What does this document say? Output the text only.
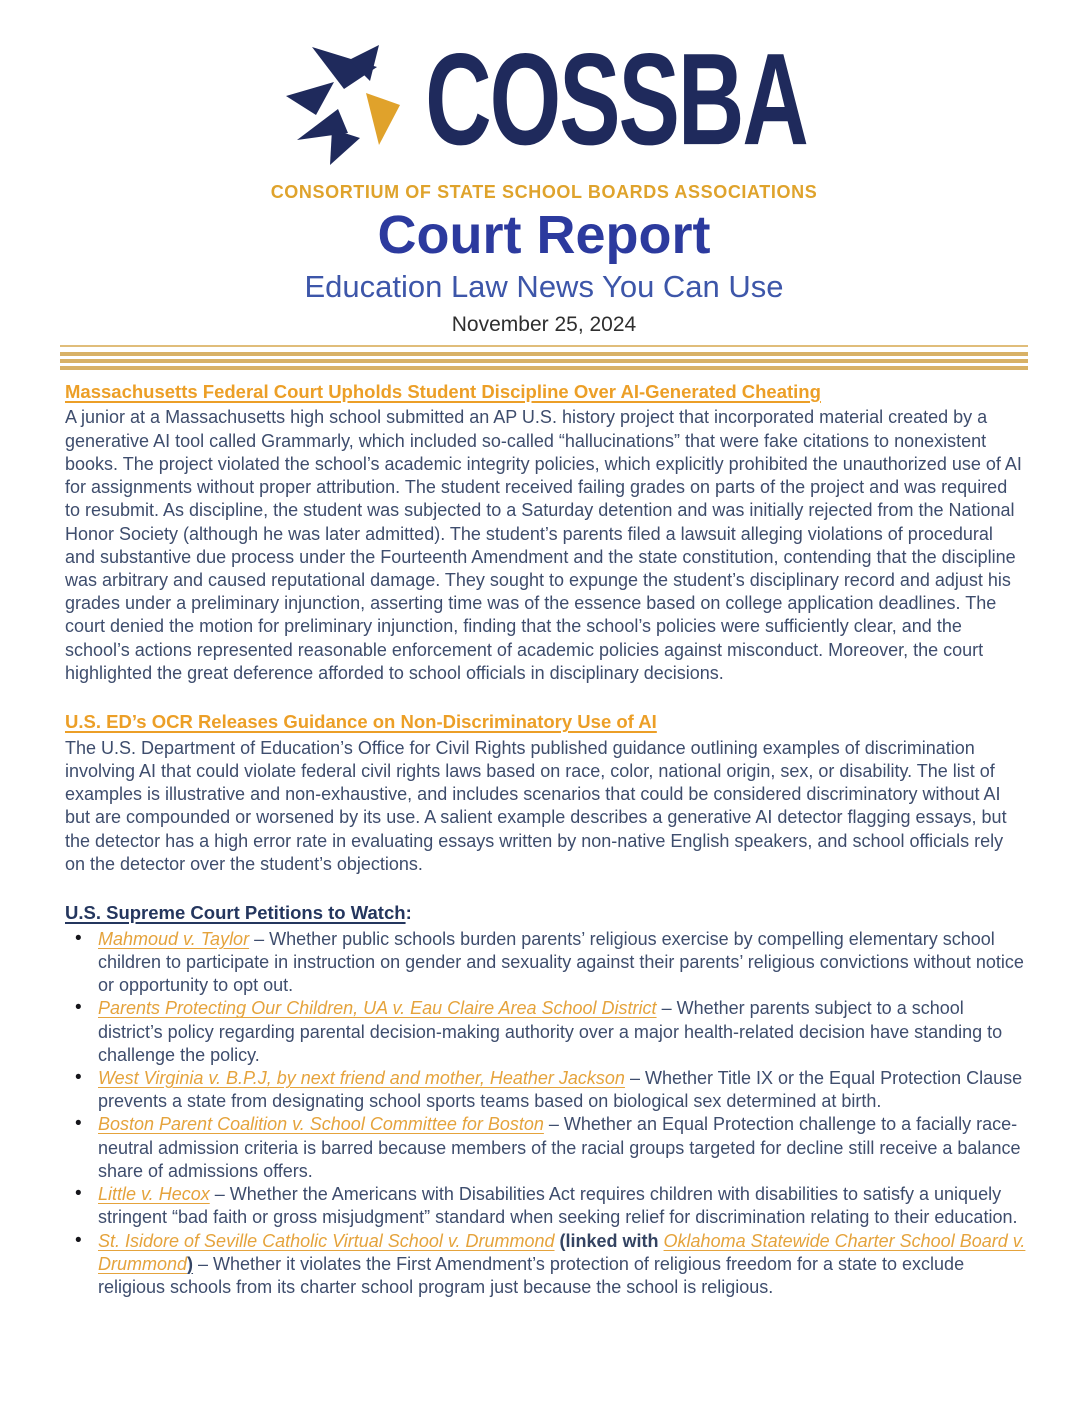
COSSBA
CONSORTIUM OF STATE SCHOOL BOARDS ASSOCIATIONS
Court Report
Education Law News You Can Use
November 25, 2024
Massachusetts Federal Court Upholds Student Discipline Over AI-Generated Cheating
A junior at a Massachusetts high school submitted an AP U.S. history project that incorporated material created by a generative AI tool called Grammarly, which included so-called “hallucinations” that were fake citations to nonexistent books. The project violated the school’s academic integrity policies, which explicitly prohibited the unauthorized use of AI for assignments without proper attribution. The student received failing grades on parts of the project and was required to resubmit. As discipline, the student was subjected to a Saturday detention and was initially rejected from the National Honor Society (although he was later admitted). The student’s parents filed a lawsuit alleging violations of procedural and substantive due process under the Fourteenth Amendment and the state constitution, contending that the discipline was arbitrary and caused reputational damage. They sought to expunge the student’s disciplinary record and adjust his grades under a preliminary injunction, asserting time was of the essence based on college application deadlines. The court denied the motion for preliminary injunction, finding that the school’s policies were sufficiently clear, and the school’s actions represented reasonable enforcement of academic policies against misconduct. Moreover, the court highlighted the great deference afforded to school officials in disciplinary decisions.
U.S. ED’s OCR Releases Guidance on Non-Discriminatory Use of AI
The U.S. Department of Education’s Office for Civil Rights published guidance outlining examples of discrimination involving AI that could violate federal civil rights laws based on race, color, national origin, sex, or disability. The list of examples is illustrative and non-exhaustive, and includes scenarios that could be considered discriminatory without AI but are compounded or worsened by its use. A salient example describes a generative AI detector flagging essays, but the detector has a high error rate in evaluating essays written by non-native English speakers, and school officials rely on the detector over the student’s objections.
U.S. Supreme Court Petitions to Watch:
• Mahmoud v. Taylor – Whether public schools burden parents’ religious exercise by compelling elementary school children to participate in instruction on gender and sexuality against their parents’ religious convictions without notice or opportunity to opt out.
• Parents Protecting Our Children, UA v. Eau Claire Area School District – Whether parents subject to a school district’s policy regarding parental decision-making authority over a major health-related decision have standing to challenge the policy.
• West Virginia v. B.P.J, by next friend and mother, Heather Jackson – Whether Title IX or the Equal Protection Clause prevents a state from designating school sports teams based on biological sex determined at birth.
• Boston Parent Coalition v. School Committee for Boston – Whether an Equal Protection challenge to a facially race-neutral admission criteria is barred because members of the racial groups targeted for decline still receive a balance share of admissions offers.
• Little v. Hecox – Whether the Americans with Disabilities Act requires children with disabilities to satisfy a uniquely stringent “bad faith or gross misjudgment” standard when seeking relief for discrimination relating to their education.
• St. Isidore of Seville Catholic Virtual School v. Drummond (linked with Oklahoma Statewide Charter School Board v. Drummond) – Whether it violates the First Amendment’s protection of religious freedom for a state to exclude religious schools from its charter school program just because the school is religious.
